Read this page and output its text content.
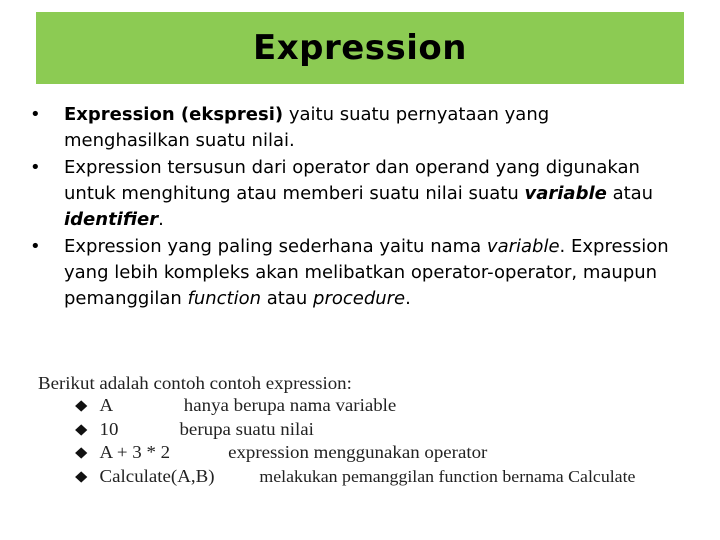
Expression
• Expression (ekspresi) yaitu suatu pernyataan yang menghasilkan suatu nilai.
• Expression tersusun dari operator dan operand yang digunakan untuk menghitung atau memberi suatu nilai suatu variable atau identifier.
• Expression yang paling sederhana yaitu nama variable. Expression yang lebih kompleks akan melibatkan operator-operator, maupun pemanggilan function atau procedure.
Berikut adalah contoh contoh expression:
A	hanya berupa nama variable
10	berupa suatu nilai
A + 3 * 2	expression menggunakan operator
Calculate(A,B)	melakukan pemanggilan function bernama Calculate
